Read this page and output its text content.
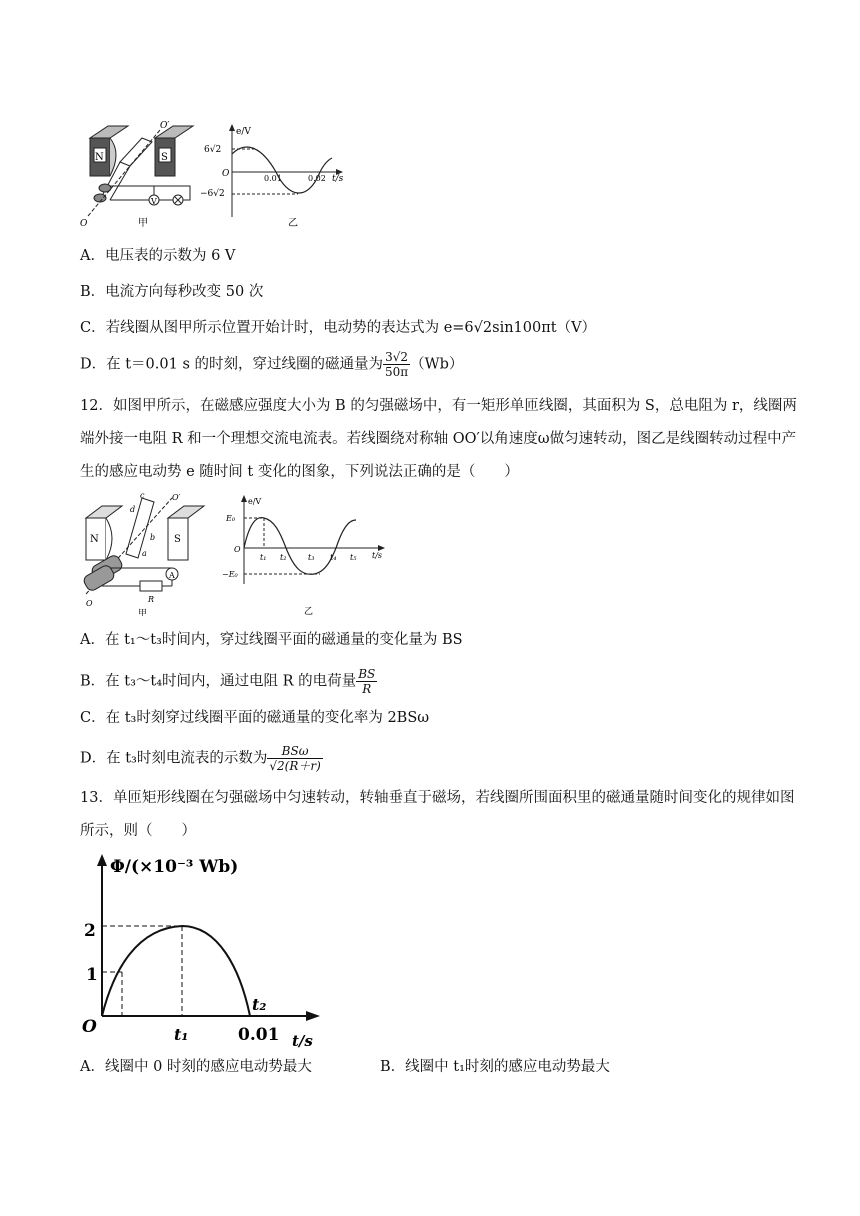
N	S
O′
O
V
甲
e/V
t/s
6√2
−6√2
O	0.01	0.02
乙
A．电压表的示数为 6 V
B．电流方向每秒改变 50 次
C．若线圈从图甲所示位置开始计时，电动势的表达式为 e=6√2sin100πt（V）
D．在 t＝0.01 s 的时刻，穿过线圈的磁通量为 $\frac{3√2}{50\pi} (Wb)$
12．如图甲所示，在磁感应强度大小为 B 的匀强磁场中，有一矩形单匝线圈，其面积为 S，总电阻为 r，线圈两端外接一电阻 R 和一个理想交流电流表。若线圈绕对称轴 OO′以角速度ω做匀速转动，图乙是线圈转动过程中产生的感应电动势 e 随时间 t 变化的图象，下列说法正确的是（　　）
N	S
c
d
a
b
O′
O
A
R
甲
e/V
t/s
E₀
−E₀
O
t₁ t₂	t₃ t₄ t₅
乙
A．在 t₁～t₃时间内，穿过线圈平面的磁通量的变化量为 BS
B．在 t₃～t₄时间内，通过电阻 R 的电荷量 $\frac{BS}{R}$
C．在 t₃时刻穿过线圈平面的磁通量的变化率为 2BSω
D．在 t₃时刻电流表的示数为 $\frac{\text{BSω}}{√2(R+r)}$
13．单匝矩形线圈在匀强磁场中匀速转动，转轴垂直于磁场，若线圈所围面积里的磁通量随时间变化的规律如图所示，则（　　）
Φ/(×10⁻³ Wb)
t/s
2
1
O	t₁
t₂
0.01
A．线圈中 0 时刻的感应电动势最大	B．线圈中 t₁时刻的感应电动势最大
